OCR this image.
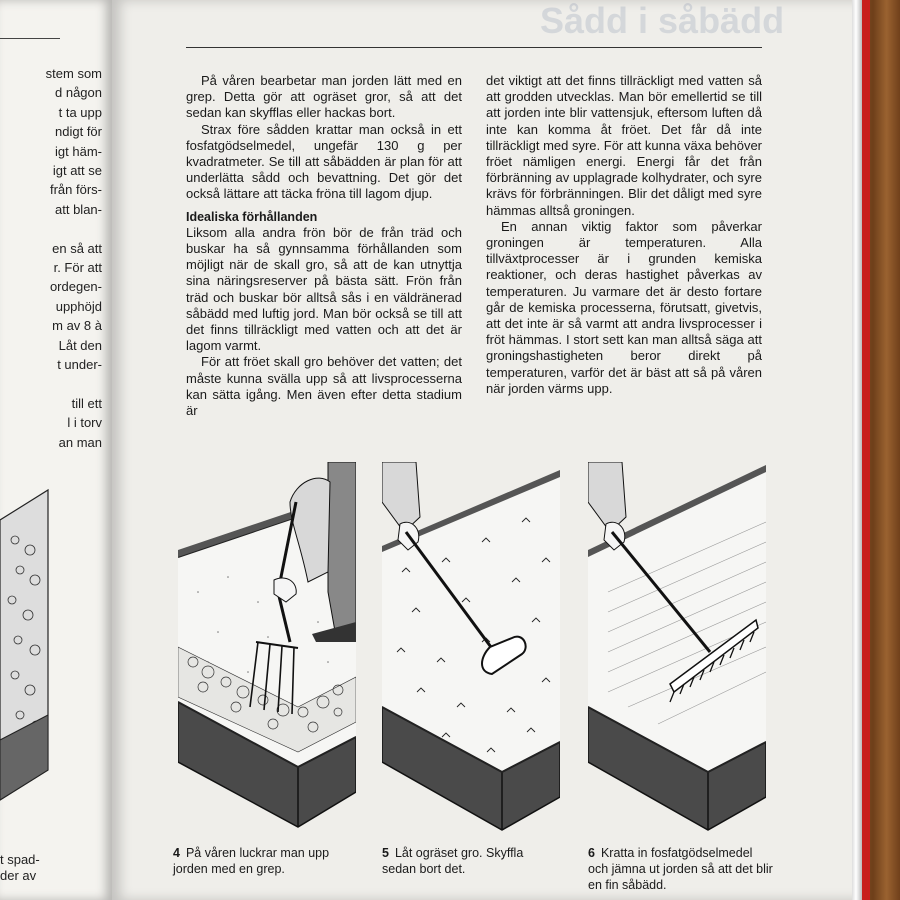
stem som
d någon
t ta upp
ndigt för
igt häm-
igt att se
från förs-
att blan-

en så att
r. För att
ordegen-
upphöjd
m av 8 à
Låt den
t under-

till ett
l i torv
an man
t spad-
der av
Sådd i såbädd

På våren bearbetar man jorden lätt med en grep. Detta gör att ogräset gror, så att det sedan kan skyfflas eller hackas bort.

Strax före sådden krattar man också in ett fosfatgödselmedel, ungefär 130 g per kvadratmeter. Se till att såbädden är plan för att underlätta sådd och bevattning. Det gör det också lättare att täcka fröna till lagom djup.

Idealiska förhållanden

Liksom alla andra frön bör de från träd och buskar ha så gynnsamma förhållanden som möjligt när de skall gro, så att de kan utnyttja sina näringsreserver på bästa sätt. Frön från träd och buskar bör alltså sås i en väldränerad såbädd med luftig jord. Man bör också se till att det finns tillräckligt med vatten och att det är lagom varmt.

För att fröet skall gro behöver det vatten; det måste kunna svälla upp så att livsprocesserna kan sätta igång. Men även efter detta stadium är

det viktigt att det finns tillräckligt med vatten så att grodden utvecklas. Man bör emellertid se till att jorden inte blir vattensjuk, eftersom luften då inte kan komma åt fröet. Det får då inte tillräckligt med syre. För att kunna växa behöver fröet nämligen energi. Energi får det från förbränning av upplagrade kolhydrater, och syre krävs för förbränningen. Blir det dåligt med syre hämmas alltså groningen.

En annan viktig faktor som påverkar groningen är temperaturen. Alla tillväxtprocesser är i grunden kemiska reaktioner, och deras hastighet påverkas av temperaturen. Ju varmare det är desto fortare går de kemiska processerna, förutsatt, givetvis, att det inte är så varmt att andra livsprocesser i fröt hämmas. I stort sett kan man alltså säga att groningshastigheten beror direkt på temperaturen, varför det är bäst att så på våren när jorden värms upp.

4 På våren luckrar man upp jorden med en grep.
5 Låt ogräset gro. Skyffla sedan bort det.
6 Kratta in fosfatgödselmedel och jämna ut jorden så att det blir en fin såbädd.
